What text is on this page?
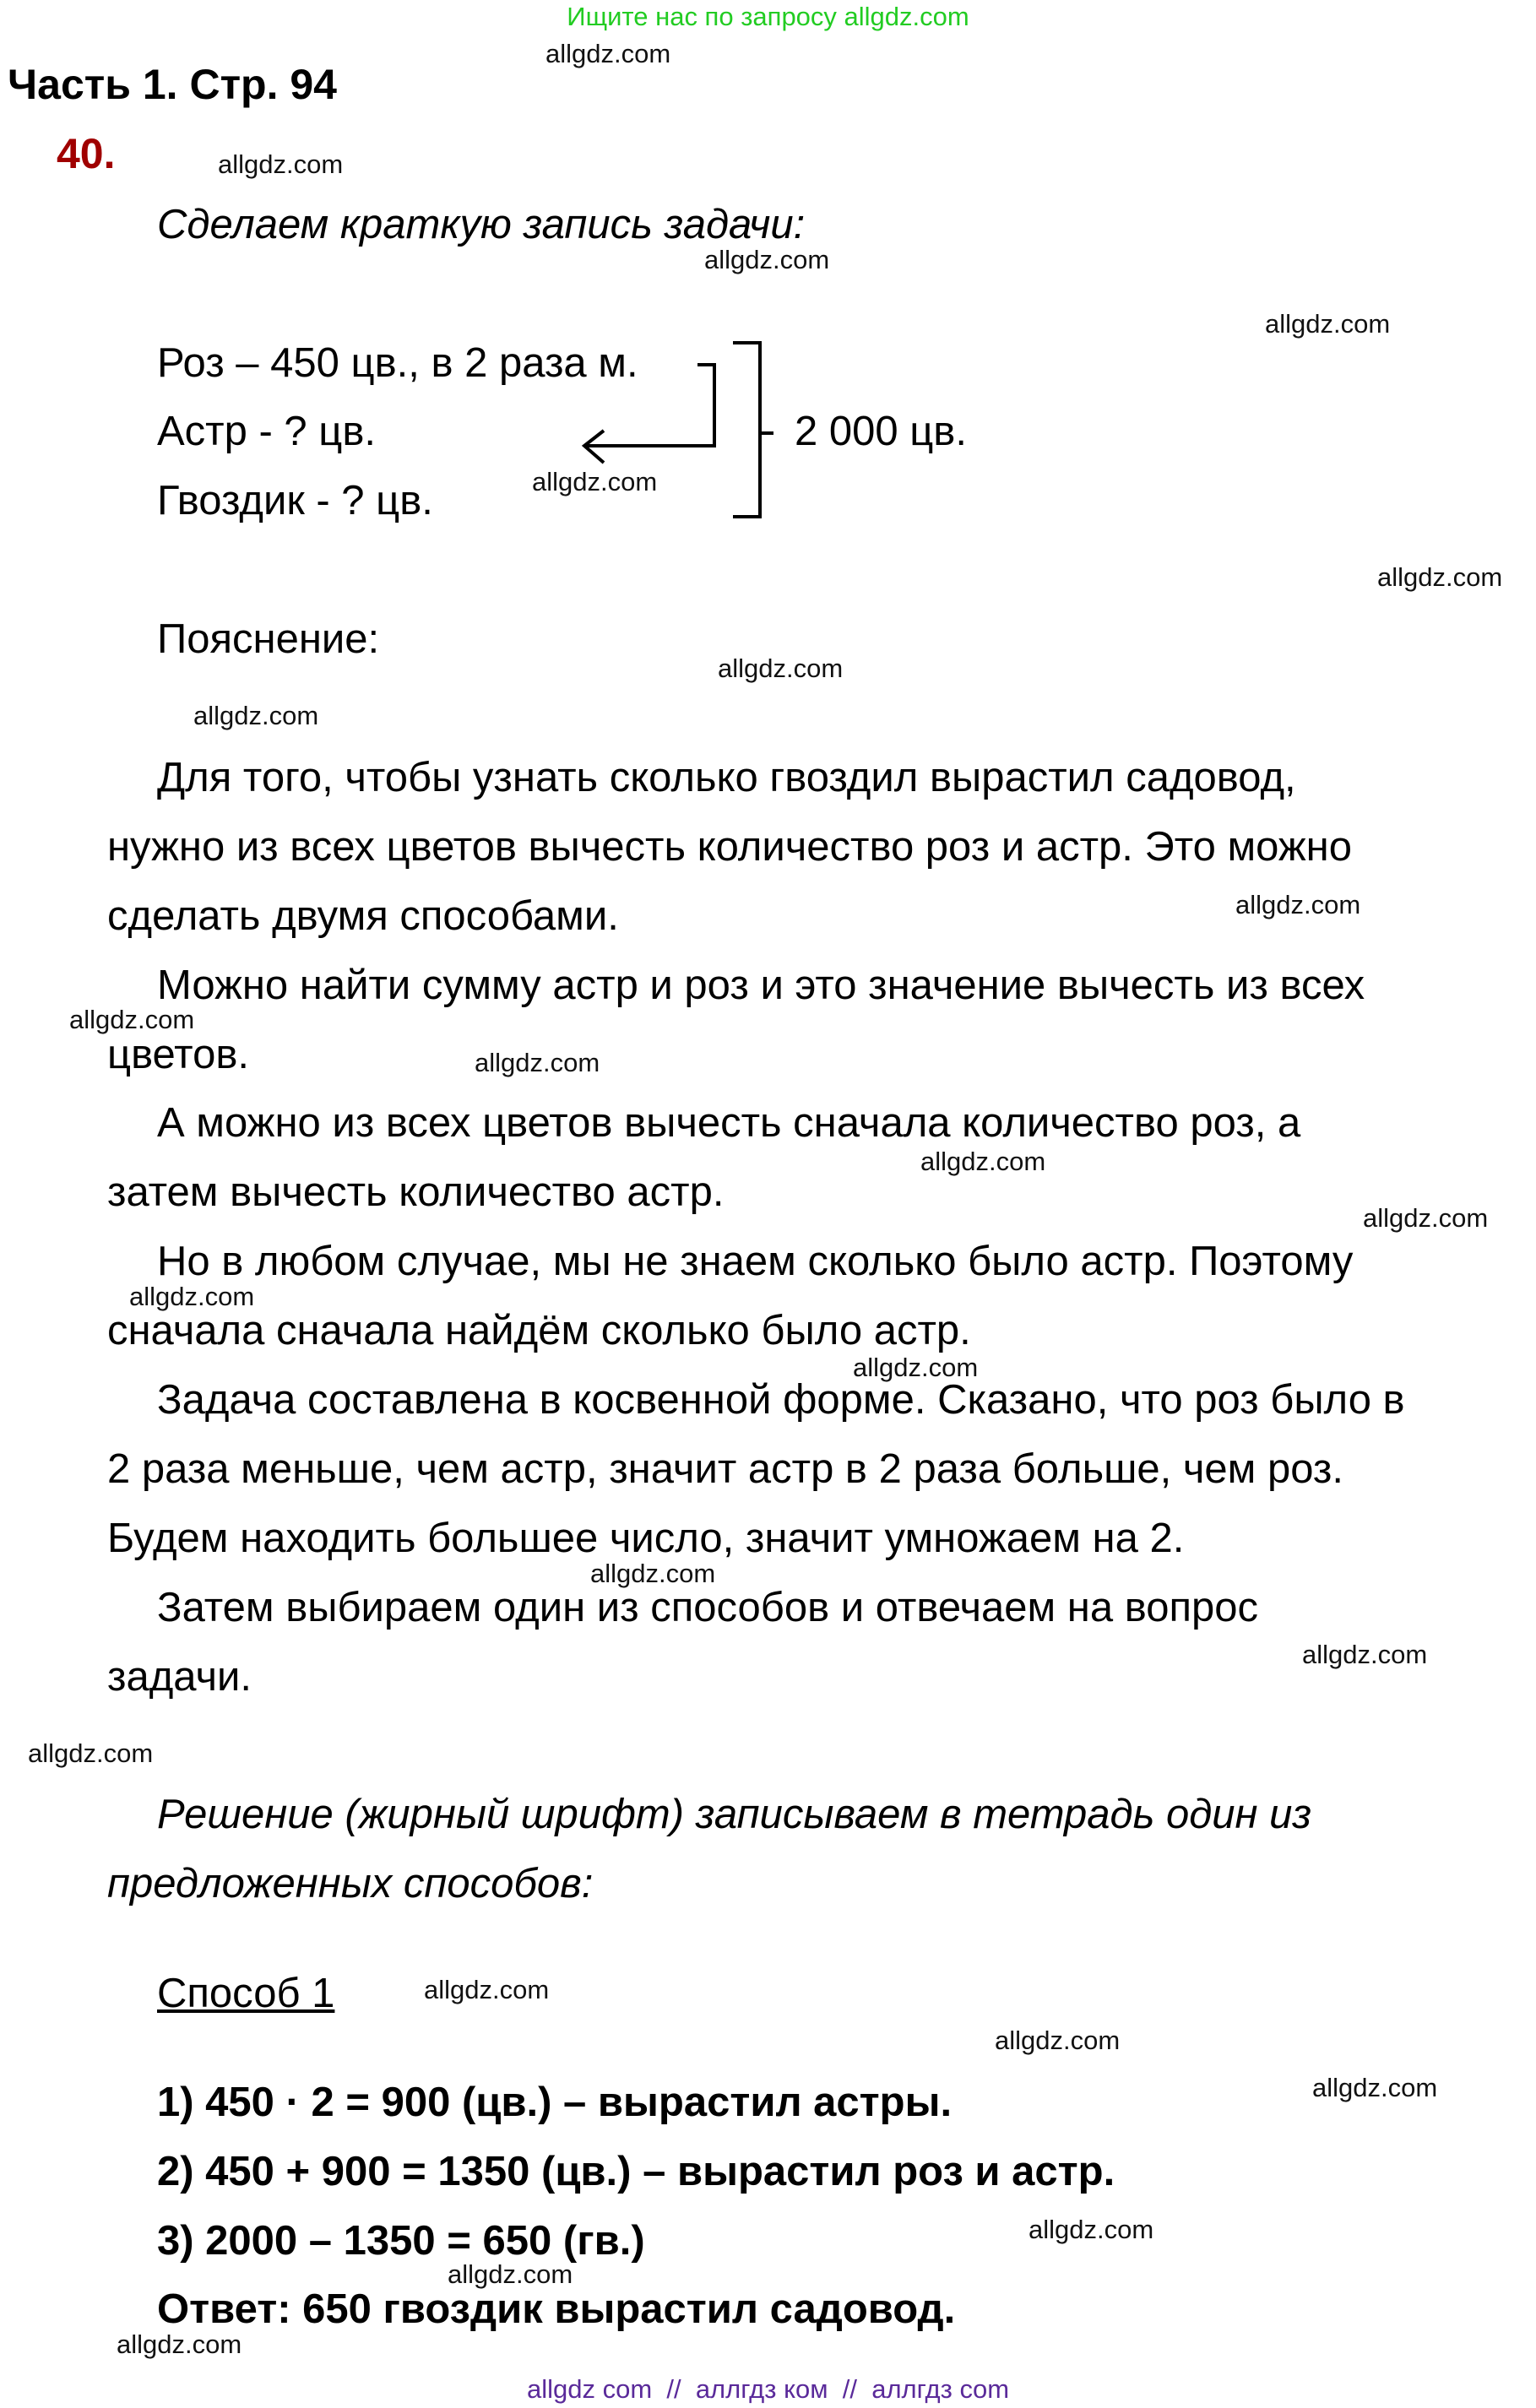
Ищите нас по запросу allgdz.com
Часть 1. Стр. 94
40.
Сделаем краткую запись задачи:
Роз – 450 цв., в 2 раза м.
Астр - ? цв.
Гвоздик - ? цв.
2 000 цв.
Пояснение:
Для того, чтобы узнать сколько гвоздил вырастил садовод,
нужно из всех цветов вычесть количество роз и астр. Это можно
сделать двумя способами.
Можно найти сумму астр и роз и это значение вычесть из всех
цветов.
А можно из всех цветов вычесть сначала количество роз, а
затем вычесть количество астр.
Но в любом случае, мы не знаем сколько было астр. Поэтому
сначала сначала найдём сколько было астр.
Задача составлена в косвенной форме. Сказано, что роз было в
2 раза меньше, чем астр, значит астр в 2 раза больше, чем роз.
Будем находить большее число, значит умножаем на 2.
Затем выбираем один из способов и отвечаем на вопрос
задачи.
Решение (жирный шрифт) записываем в тетрадь один из
предложенных способов:
Способ 1
1) 450 · 2 = 900 (цв.) – вырастил астры.
2) 450 + 900 = 1350 (цв.) – вырастил роз и астр.
3) 2000 – 1350 = 650 (гв.)
Ответ: 650 гвоздик вырастил садовод.
allgdz.com
allgdz.com
allgdz.com
allgdz.com
allgdz.com
allgdz.com
allgdz.com
allgdz.com
allgdz.com
allgdz.com
allgdz.com
allgdz.com
allgdz.com
allgdz.com
allgdz.com
allgdz.com
allgdz.com
allgdz.com
allgdz.com
allgdz.com
allgdz.com
allgdz.com
allgdz.com
allgdz.com
allgdz com  //  аллгдз ком  //  аллгдз com
